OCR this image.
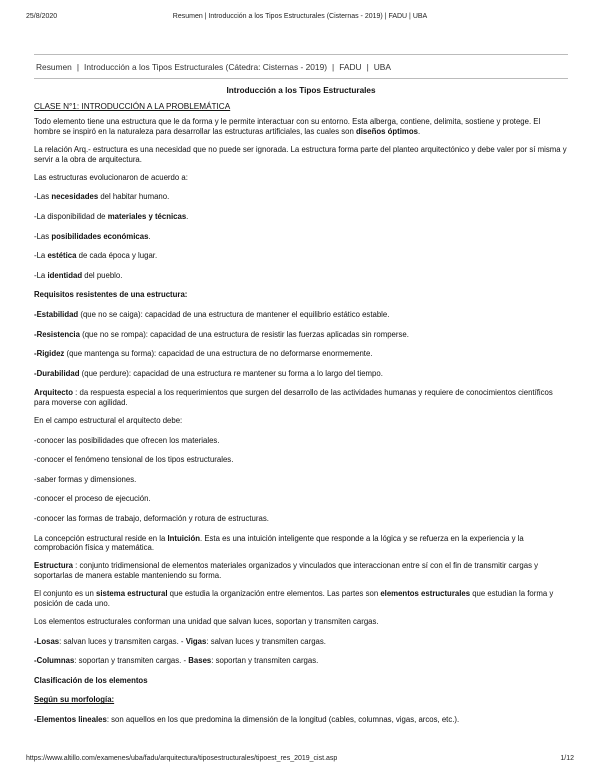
25/8/2020	Resumen | Introducción a los Tipos Estructurales (Cisternas - 2019) | FADU | UBA
Resumen | Introducción a los Tipos Estructurales (Cátedra: Cisternas - 2019) | FADU | UBA
Introducción a los Tipos Estructurales
CLASE N°1: INTRODUCCIÓN A LA PROBLEMÁTICA
Todo elemento tiene una estructura que le da forma y le permite interactuar con su entorno. Esta alberga, contiene, delimita, sostiene y protege. El hombre se inspiró en la naturaleza para desarrollar las estructuras artificiales, las cuales son diseños óptimos.
La relación Arq.- estructura es una necesidad que no puede ser ignorada. La estructura forma parte del planteo arquitectónico y debe valer por sí misma y servir a la obra de arquitectura.
Las estructuras evolucionaron de acuerdo a:
-Las necesidades del habitar humano.
-La disponibilidad de materiales y técnicas.
-Las posibilidades económicas.
-La estética de cada época y lugar.
-La identidad del pueblo.
Requisitos resistentes de una estructura:
-Estabilidad (que no se caiga): capacidad de una estructura de mantener el equilibrio estático estable.
-Resistencia (que no se rompa): capacidad de una estructura de resistir las fuerzas aplicadas sin romperse.
-Rigidez (que mantenga su forma): capacidad de una estructura de no deformarse enormemente.
-Durabilidad (que perdure): capacidad de una estructura re mantener su forma a lo largo del tiempo.
Arquitecto : da respuesta especial a los requerimientos que surgen del desarrollo de las actividades humanas y requiere de conocimientos científicos para moverse con agilidad.
En el campo estructural el arquitecto debe:
-conocer las posibilidades que ofrecen los materiales.
-conocer el fenómeno tensional de los tipos estructurales.
-saber formas y dimensiones.
-conocer el proceso de ejecución.
-conocer las formas de trabajo, deformación y rotura de estructuras.
La concepción estructural reside en la Intuición. Esta es una intuición inteligente que responde a la lógica y se refuerza en la experiencia y la comprobación física y matemática.
Estructura : conjunto tridimensional de elementos materiales organizados y vinculados que interaccionan entre sí con el fin de transmitir cargas y soportarlas de manera estable manteniendo su forma.
El conjunto es un sistema estructural que estudia la organización entre elementos. Las partes son elementos estructurales que estudian la forma y posición de cada uno.
Los elementos estructurales conforman una unidad que salvan luces, soportan y transmiten cargas.
-Losas: salvan luces y transmiten cargas. - Vigas: salvan luces y transmiten cargas.
-Columnas: soportan y transmiten cargas. - Bases: soportan y transmiten cargas.
Clasificación de los elementos
Según su morfología:
-Elementos lineales: son aquellos en los que predomina la dimensión de la longitud (cables, columnas, vigas, arcos, etc.).
https://www.altillo.com/examenes/uba/fadu/arquitectura/tiposestructurales/tipoest_res_2019_cist.asp	1/12
